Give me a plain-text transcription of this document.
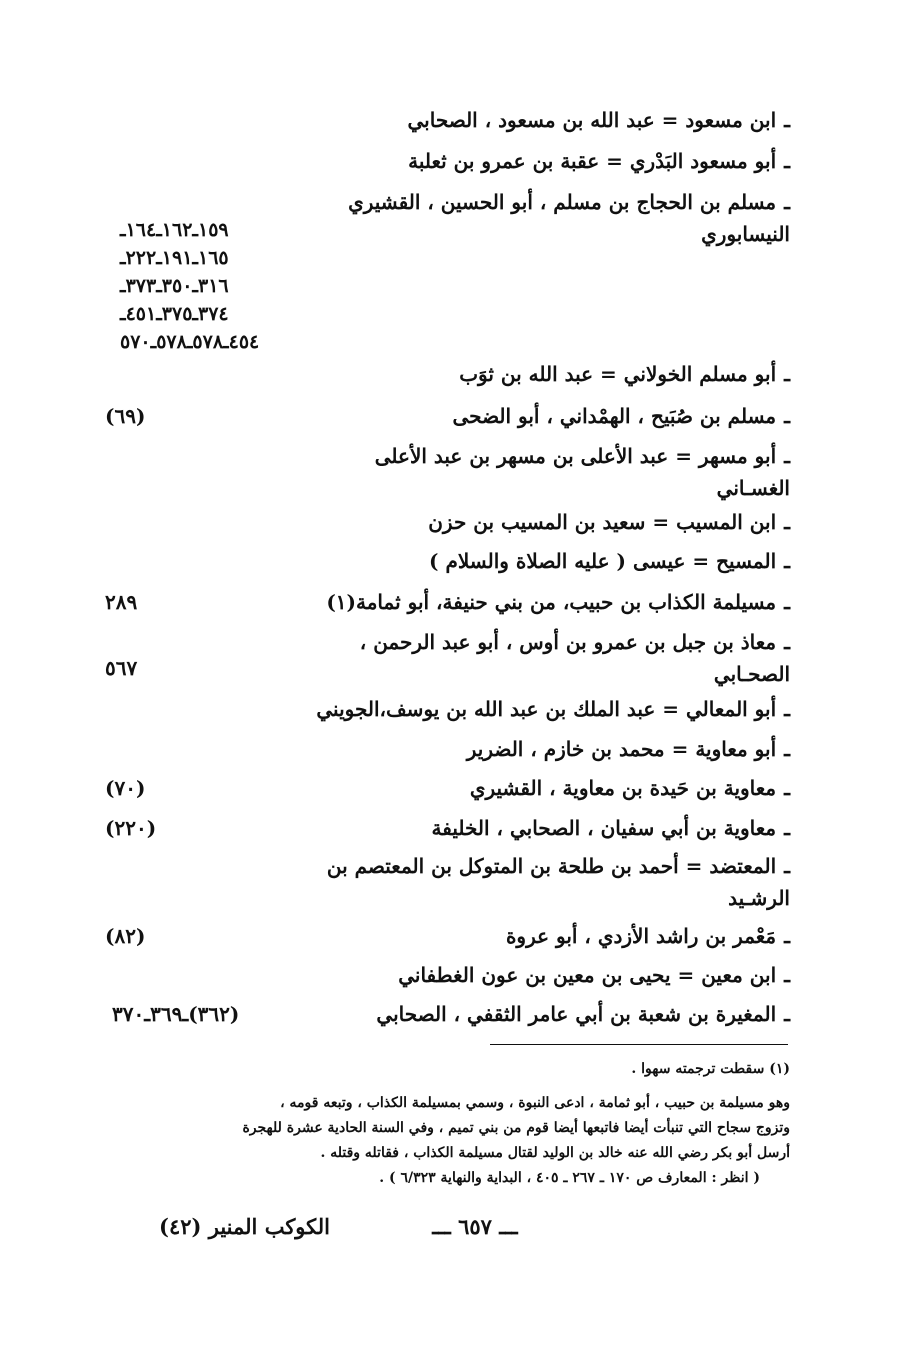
ـابن مسعود = عبد الله بن مسعود ، الصحابي
ـأبو مسعود البَدْري = عقبة بن عمرو بن ثعلبة
ـمسلم بن الحجاج بن مسلم ، أبو الحسين ، القشيري النيسابوري
١٥٩ـ١٦٢ـ١٦٤ـ
١٦٥ـ١٩١ـ٢٢٢ـ
٣١٦ـ٣٥٠ـ٣٧٣ـ
٣٧٤ـ٣٧٥ـ٤٥١ـ
٤٥٤ـ٥٧٨ـ٥٧٨ـ٥٧٠
ـأبو مسلم الخولاني = عبد الله بن ثوَب
ـمسلم بن صُبَيح ، الهمْداني ، أبو الضحى
(٦٩)
ـأبو مسهر = عبد الأعلى بن مسهر بن عبد الأعلى الغسـاني
ـابن المسيب = سعيد بن المسيب بن حزن
ـالمسيح = عيسى ( عليه الصلاة والسلام )
ـمسيلمة الكذاب بن حبيب، من بني حنيفة، أبو ثمامة(١)
٢٨٩
ـمعاذ بن جبل بن عمرو بن أوس ، أبو عبد الرحمن ، الصحـابي
٥٦٧
ـأبو المعالي = عبد الملك بن عبد الله بن يوسف،الجويني
ـأبو معاوية = محمد بن خازم ، الضرير
ـمعاوية بن حَيدة بن معاوية ، القشيري
(٧٠)
ـمعاوية بن أبي سفيان ، الصحابي ، الخليفة
(٢٢٠)
ـالمعتضد = أحمد بن طلحة بن المتوكل بن المعتصم بن الرشـيد
ـمَعْمر بن راشد الأزدي ، أبو عروة
(٨٢)
ـابن معين = يحيى بن معين بن عون الغطفاني
ـالمغيرة بن شعبة بن أبي عامر الثقفي ، الصحابي
(٣٦٢)ـ٣٦٩ـ٣٧٠
(١) سقطت ترجمته سهوا .
وهو مسيلمة بن حبيب ، أبو ثمامة ، ادعى النبوة ، وسمي بمسيلمة الكذاب ، وتبعه قومه ،
وتزوج سجاح التي تنبأت أيضا فاتبعها أيضا قوم من بني تميم ، وفي السنة الحادية عشرة للهجرة
أرسل أبو بكر رضي الله عنه خالد بن الوليد لقتال مسيلمة الكذاب ، فقاتله وقتله .
( انظر : المعارف ص ١٧٠ ـ ٢٦٧ ـ ٤٠٥ ، البداية والنهاية ٦/٣٢٣ ) .
ـــ ٦٥٧ ـــ
الكوكب المنير (٤٢)
